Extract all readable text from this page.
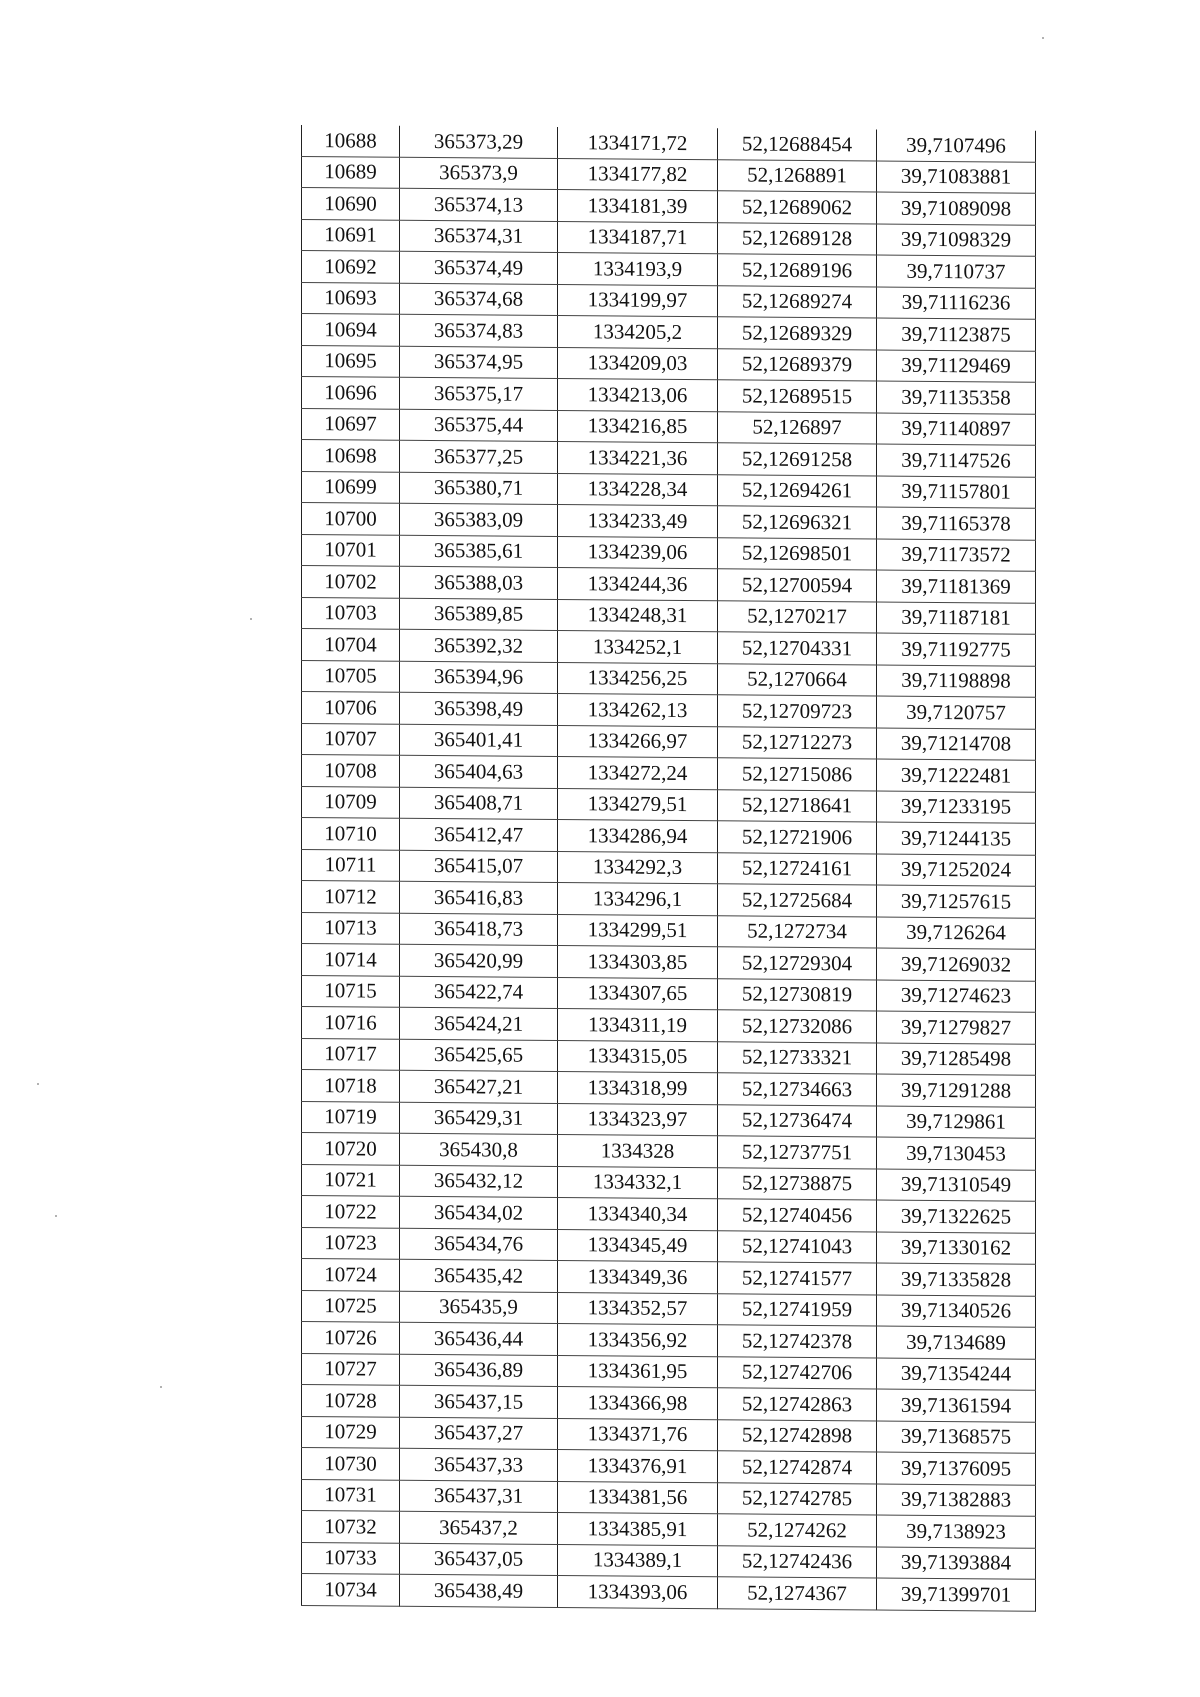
10688	365373,29	1334171,72	52,12688454	39,7107496
10689	365373,9	1334177,82	52,1268891	39,71083881
10690	365374,13	1334181,39	52,12689062	39,71089098
10691	365374,31	1334187,71	52,12689128	39,71098329
10692	365374,49	1334193,9	52,12689196	39,7110737
10693	365374,68	1334199,97	52,12689274	39,71116236
10694	365374,83	1334205,2	52,12689329	39,71123875
10695	365374,95	1334209,03	52,12689379	39,71129469
10696	365375,17	1334213,06	52,12689515	39,71135358
10697	365375,44	1334216,85	52,126897	39,71140897
10698	365377,25	1334221,36	52,12691258	39,71147526
10699	365380,71	1334228,34	52,12694261	39,71157801
10700	365383,09	1334233,49	52,12696321	39,71165378
10701	365385,61	1334239,06	52,12698501	39,71173572
10702	365388,03	1334244,36	52,12700594	39,71181369
10703	365389,85	1334248,31	52,1270217	39,71187181
10704	365392,32	1334252,1	52,12704331	39,71192775
10705	365394,96	1334256,25	52,1270664	39,71198898
10706	365398,49	1334262,13	52,12709723	39,7120757
10707	365401,41	1334266,97	52,12712273	39,71214708
10708	365404,63	1334272,24	52,12715086	39,71222481
10709	365408,71	1334279,51	52,12718641	39,71233195
10710	365412,47	1334286,94	52,12721906	39,71244135
10711	365415,07	1334292,3	52,12724161	39,71252024
10712	365416,83	1334296,1	52,12725684	39,71257615
10713	365418,73	1334299,51	52,1272734	39,7126264
10714	365420,99	1334303,85	52,12729304	39,71269032
10715	365422,74	1334307,65	52,12730819	39,71274623
10716	365424,21	1334311,19	52,12732086	39,71279827
10717	365425,65	1334315,05	52,12733321	39,71285498
10718	365427,21	1334318,99	52,12734663	39,71291288
10719	365429,31	1334323,97	52,12736474	39,7129861
10720	365430,8	1334328	52,12737751	39,7130453
10721	365432,12	1334332,1	52,12738875	39,71310549
10722	365434,02	1334340,34	52,12740456	39,71322625
10723	365434,76	1334345,49	52,12741043	39,71330162
10724	365435,42	1334349,36	52,12741577	39,71335828
10725	365435,9	1334352,57	52,12741959	39,71340526
10726	365436,44	1334356,92	52,12742378	39,7134689
10727	365436,89	1334361,95	52,12742706	39,71354244
10728	365437,15	1334366,98	52,12742863	39,71361594
10729	365437,27	1334371,76	52,12742898	39,71368575
10730	365437,33	1334376,91	52,12742874	39,71376095
10731	365437,31	1334381,56	52,12742785	39,71382883
10732	365437,2	1334385,91	52,1274262	39,7138923
10733	365437,05	1334389,1	52,12742436	39,71393884
10734	365438,49	1334393,06	52,1274367	39,71399701
